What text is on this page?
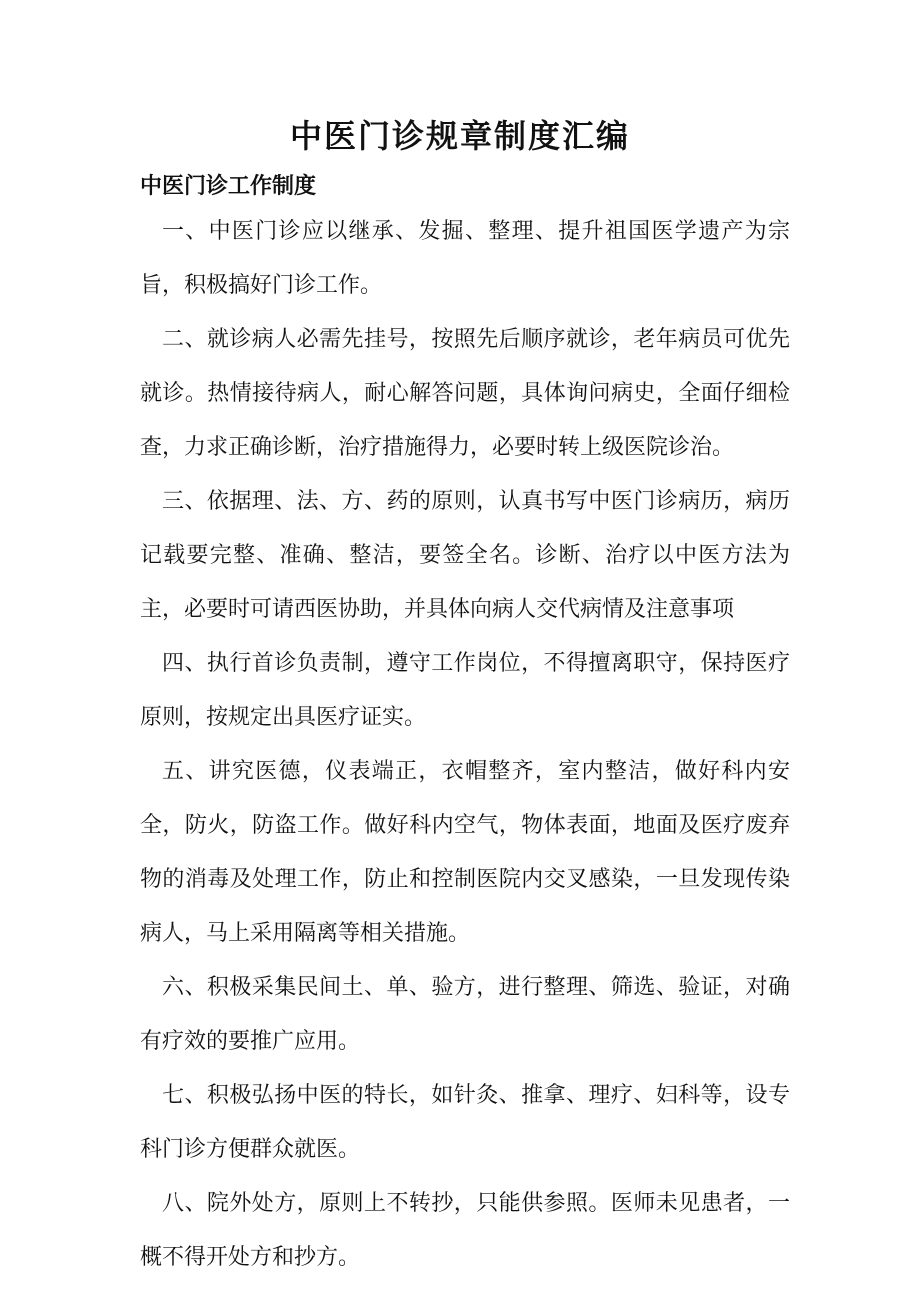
中医门诊规章制度汇编
中医门诊工作制度

一、中医门诊应以继承、发掘、整理、提升祖国医学遗产为宗旨，积极搞好门诊工作。

二、就诊病人必需先挂号，按照先后顺序就诊，老年病员可优先就诊。热情接待病人，耐心解答问题，具体询问病史，全面仔细检查，力求正确诊断，治疗措施得力，必要时转上级医院诊治。

三、依据理、法、方、药的原则，认真书写中医门诊病历，病历记载要完整、准确、整洁，要签全名。诊断、治疗以中医方法为主，必要时可请西医协助，并具体向病人交代病情及注意事项

四、执行首诊负责制，遵守工作岗位，不得擅离职守，保持医疗原则，按规定出具医疗证实。

五、讲究医德，仪表端正，衣帽整齐，室内整洁，做好科内安全，防火，防盗工作。做好科内空气，物体表面，地面及医疗废弃物的消毒及处理工作，防止和控制医院内交叉感染，一旦发现传染病人，马上采用隔离等相关措施。

六、积极采集民间土、单、验方，进行整理、筛选、验证，对确有疗效的要推广应用。

七、积极弘扬中医的特长，如针灸、推拿、理疗、妇科等，设专科门诊方便群众就医。

八、院外处方，原则上不转抄，只能供参照。医师未见患者，一概不得开处方和抄方。
